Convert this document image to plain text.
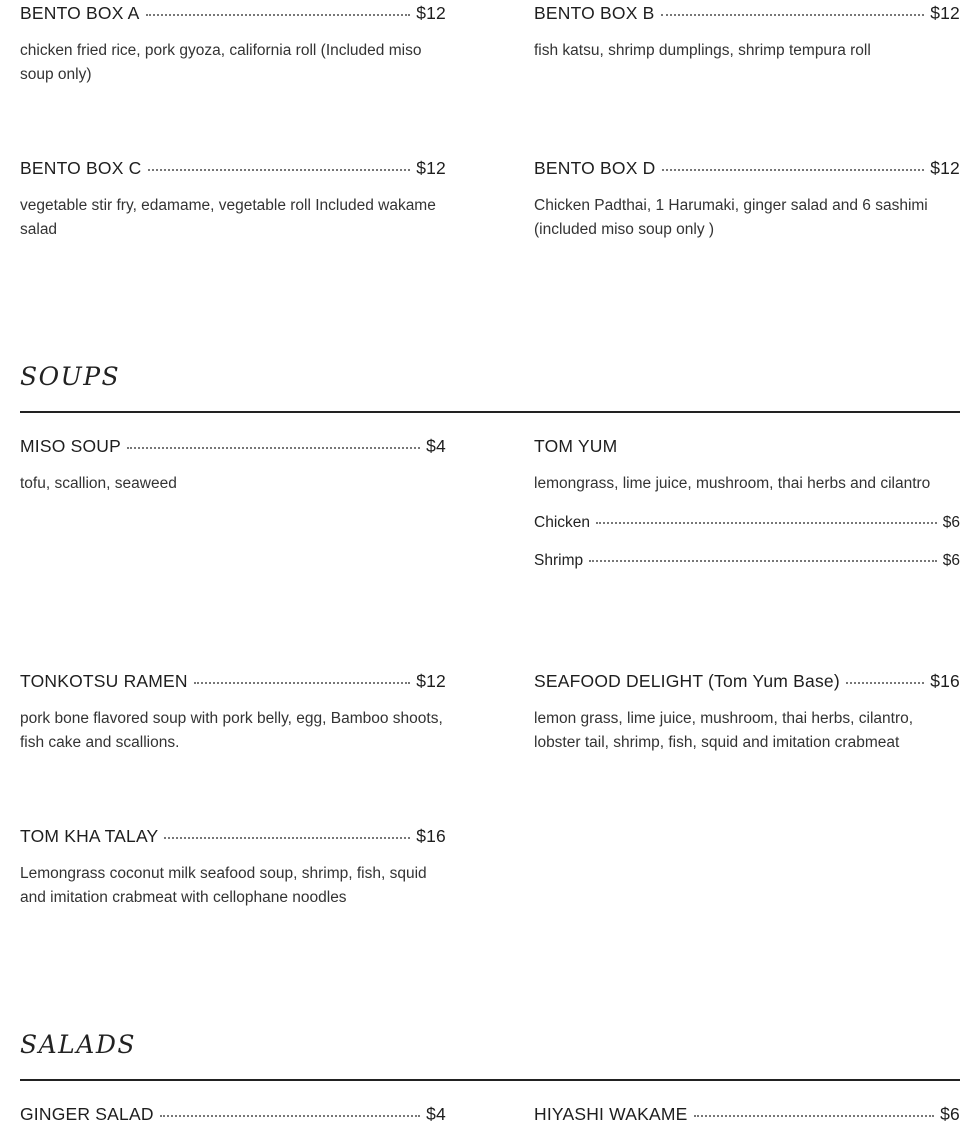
BENTO BOX A	$12
chicken fried rice, pork gyoza, california roll (Included miso soup only)
BENTO BOX B	$12
fish katsu, shrimp dumplings, shrimp tempura roll
BENTO BOX C	$12
vegetable stir fry, edamame, vegetable roll Included wakame salad
BENTO BOX D	$12
Chicken Padthai, 1 Harumaki, ginger salad and 6 sashimi (included miso soup only )
SOUPS
MISO SOUP	$4
tofu, scallion, seaweed
TOM YUM
lemongrass, lime juice, mushroom, thai herbs and cilantro
Chicken	$6
Shrimp	$6
TONKOTSU RAMEN	$12
pork bone flavored soup with pork belly, egg, Bamboo shoots, fish cake and scallions.
SEAFOOD DELIGHT (Tom Yum Base)	$16
lemon grass, lime juice, mushroom, thai herbs, cilantro, lobster tail, shrimp, fish, squid and imitation crabmeat
TOM KHA TALAY	$16
Lemongrass coconut milk seafood soup, shrimp, fish, squid and imitation crabmeat with cellophane noodles
SALADS
GINGER SALAD	$4	HIYASHI WAKAME	$6
